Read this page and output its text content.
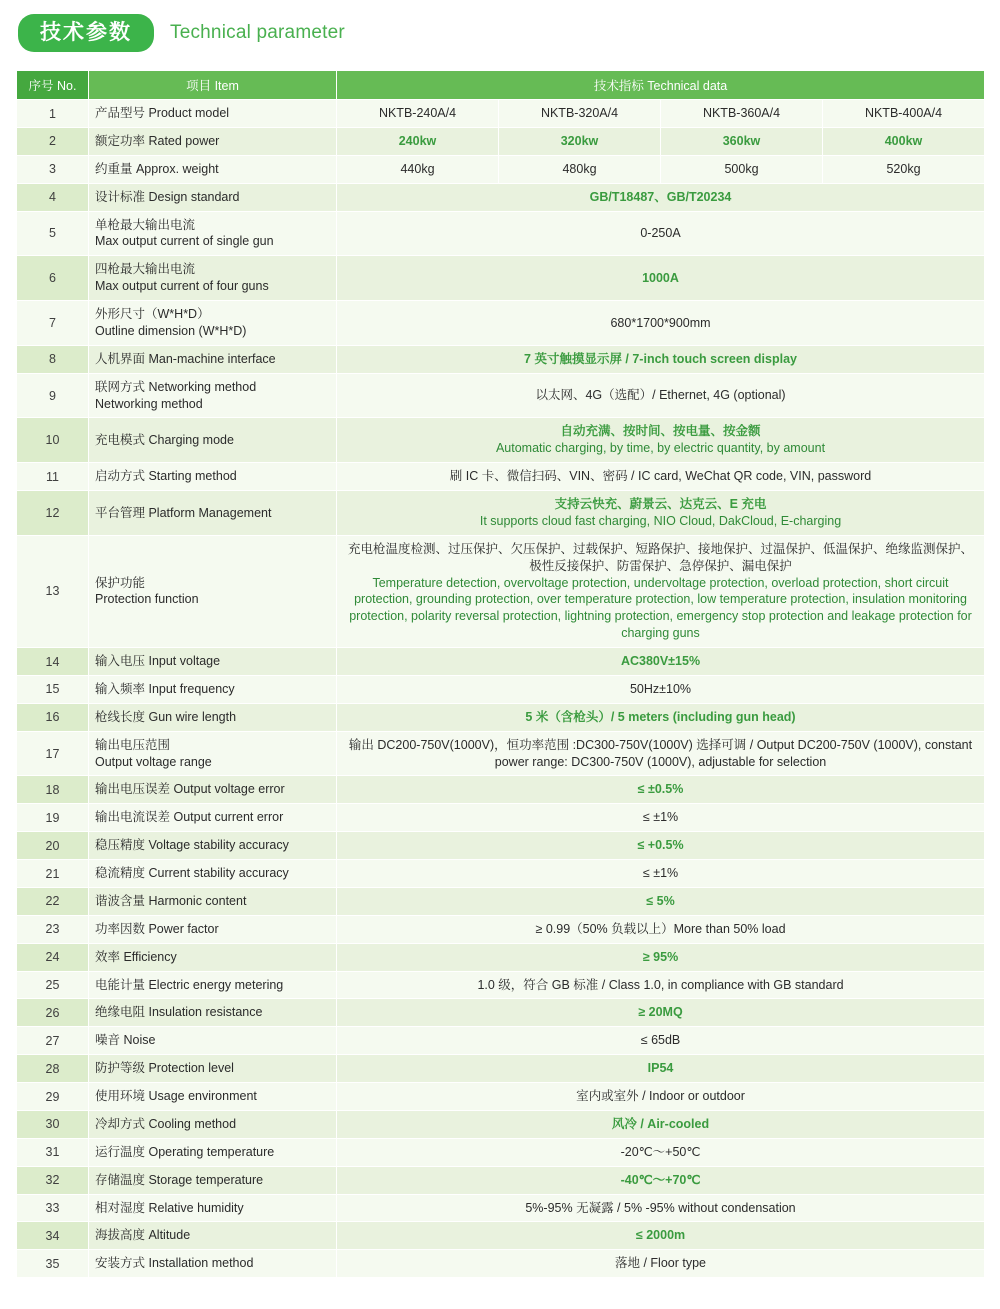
技术参数	Technical parameter
序号 No.	项目 Item	技术指标 Technical data			
1	产品型号 Product model	NKTB-240A/4	NKTB-320A/4	NKTB-360A/4	NKTB-400A/4
2	额定功率 Rated power	240kw	320kw	360kw	400kw
3	约重量 Approx. weight	440kg	480kg	500kg	520kg
4	设计标准 Design standard	GB/T18487、GB/T20234			
5	单枪最大输出电流
Max output current of single gun	0-250A			
6	四枪最大输出电流
Max output current of four guns	1000A			
7	外形尺寸（W*H*D）
Outline dimension (W*H*D)	680*1700*900mm			
8	人机界面 Man-machine interface	7 英寸触摸显示屏 / 7-inch touch screen display			
9	联网方式 Networking method
Networking method	以太网、4G（选配）/ Ethernet, 4G (optional)			
10	充电模式 Charging mode	自动充满、按时间、按电量、按金额
Automatic charging, by time, by electric quantity, by amount			

11	启动方式 Starting method	刷 IC 卡、微信扫码、VIN、密码 / IC card, WeChat QR code, VIN, password			
12	平台管理 Platform Management	支持云快充、蔚景云、达克云、E 充电
It supports cloud fast charging, NIO Cloud, DakCloud, E-charging			

13	保护功能
Protection function	充电枪温度检测、过压保护、欠压保护、过载保护、短路保护、接地保护、过温保护、低温保护、绝缘监测保护、极性反接保护、防雷保护、急停保护、漏电保护
Temperature detection, overvoltage protection, undervoltage protection, overload protection, short circuit protection, grounding protection, over temperature protection, low temperature protection, insulation monitoring protection, polarity reversal protection, lightning protection, emergency stop protection and leakage protection for charging guns			

14	输入电压 Input voltage	AC380V±15%			
15	输入频率 Input frequency	50Hz±10%			
16	枪线长度 Gun wire length	5 米（含枪头）/ 5 meters (including gun head)			
17	输出电压范围
Output voltage range	输出 DC200-750V(1000V)，恒功率范围 :DC300-750V(1000V) 选择可调 / Output DC200-750V (1000V), constant power range: DC300-750V (1000V), adjustable for selection			
18	输出电压误差 Output voltage error	≤ ±0.5%			
19	输出电流误差 Output current error	≤ ±1%			
20	稳压精度 Voltage stability accuracy	≤ +0.5%			
21	稳流精度 Current stability accuracy	≤ ±1%			
22	谐波含量 Harmonic content	≤ 5%			
23	功率因数 Power factor	≥ 0.99（50% 负载以上）More than 50% load			
24	效率 Efficiency	≥ 95%			
25	电能计量 Electric energy metering	1.0 级，符合 GB 标准 / Class 1.0, in compliance with GB standard			
26	绝缘电阻 Insulation resistance	≥ 20MQ			
27	噪音 Noise	≤ 65dB			
28	防护等级 Protection level	IP54			
29	使用环境 Usage environment	室内或室外 / Indoor or outdoor			
30	冷却方式 Cooling method	风冷 / Air-cooled			
31	运行温度 Operating temperature	-20℃～+50℃			
32	存储温度 Storage temperature	-40℃～+70℃			
33	相对湿度 Relative humidity	5%-95% 无凝露 / 5% -95% without condensation			
34	海拔高度 Altitude	≤ 2000m			
35	安装方式 Installation method	落地 / Floor type			
